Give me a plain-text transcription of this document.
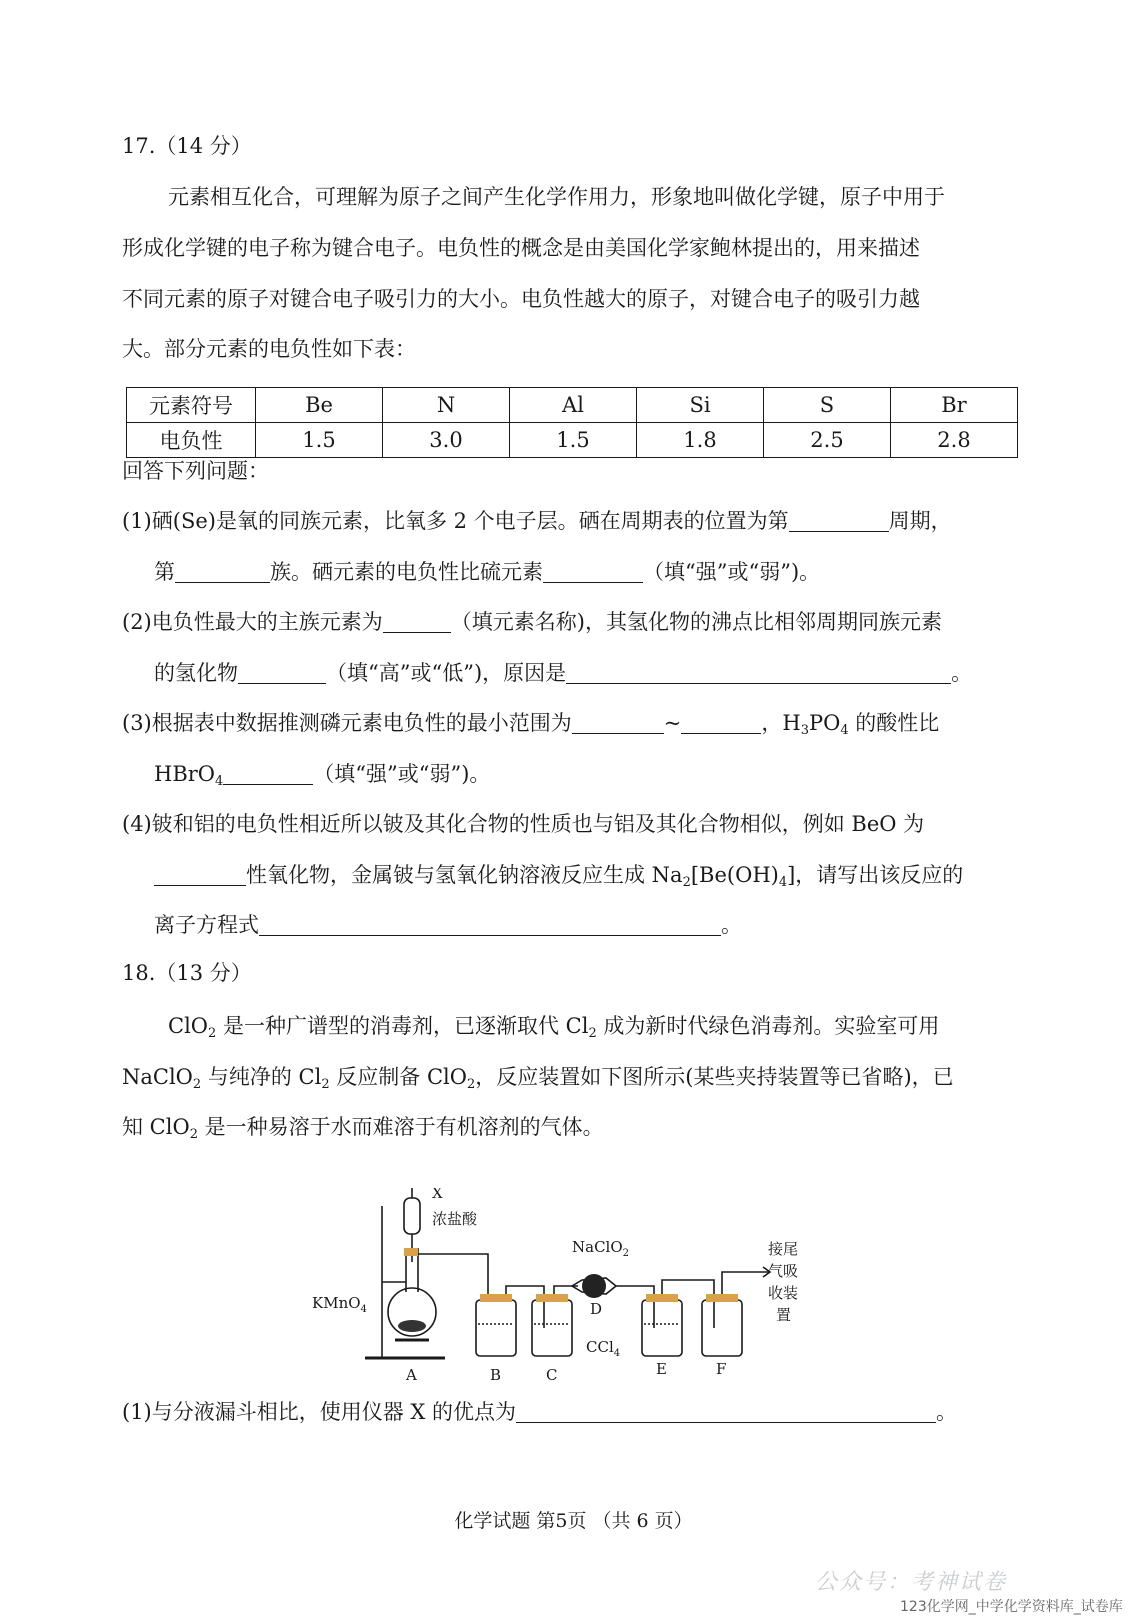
17.（14 分）
元素相互化合，可理解为原子之间产生化学作用力，形象地叫做化学键，原子中用于
形成化学键的电子称为键合电子。电负性的概念是由美国化学家鲍林提出的，用来描述
不同元素的原子对键合电子吸引力的大小。电负性越大的原子，对键合电子的吸引力越
大。部分元素的电负性如下表：
元素符号	Be	N	Al	Si	S	Br
电负性	1.5	3.0	1.5	1.8	2.5	2.8
回答下列问题：
(1)硒(Se)是氧的同族元素，比氧多 2 个电子层。硒在周期表的位置为第	周期，
第	族。硒元素的电负性比硫元素	（填“强”或“弱”)。
(2)电负性最大的主族元素为	（填元素名称)，其氢化物的沸点比相邻周期同族元素
的氢化物	（填“高”或“低”)，原因是	。
(3)根据表中数据推测磷元素电负性的最小范围为	~	，$H_3PO_4$ 的酸性比
HBrO$_4$	（填“强”或“弱”)。
(4)铍和铝的电负性相近所以铍及其化合物的性质也与铝及其化合物相似，例如 BeO 为
性氧化物，金属铍与氢氧化钠溶液反应生成 $Na_2[Be(OH)_4]$，请写出该反应的
离子方程式	。
18.（13 分）
ClO$_2$ 是一种广谱型的消毒剂，已逐渐取代 $Cl_2$ 成为新时代绿色消毒剂。实验室可用
NaClO$_2$ 与纯净的 $Cl_2$ 反应制备 ClO$_2$，反应装置如下图所示(某些夹持装置等已省略)，已
知 ClO$_2$ 是一种易溶于水而难溶于有机溶剂的气体。
X
浓盐酸
KMnO$_4$
NaClO$_2$
CCl$_4$
接尾
气吸
收装
置
A	B	C
D
E	F
(1)与分液漏斗相比，使用仪器 X 的优点为	。
化学试题 第5页 （共 6 页）
公众号：考神试卷
123化学网_中学化学资料库_试卷库
